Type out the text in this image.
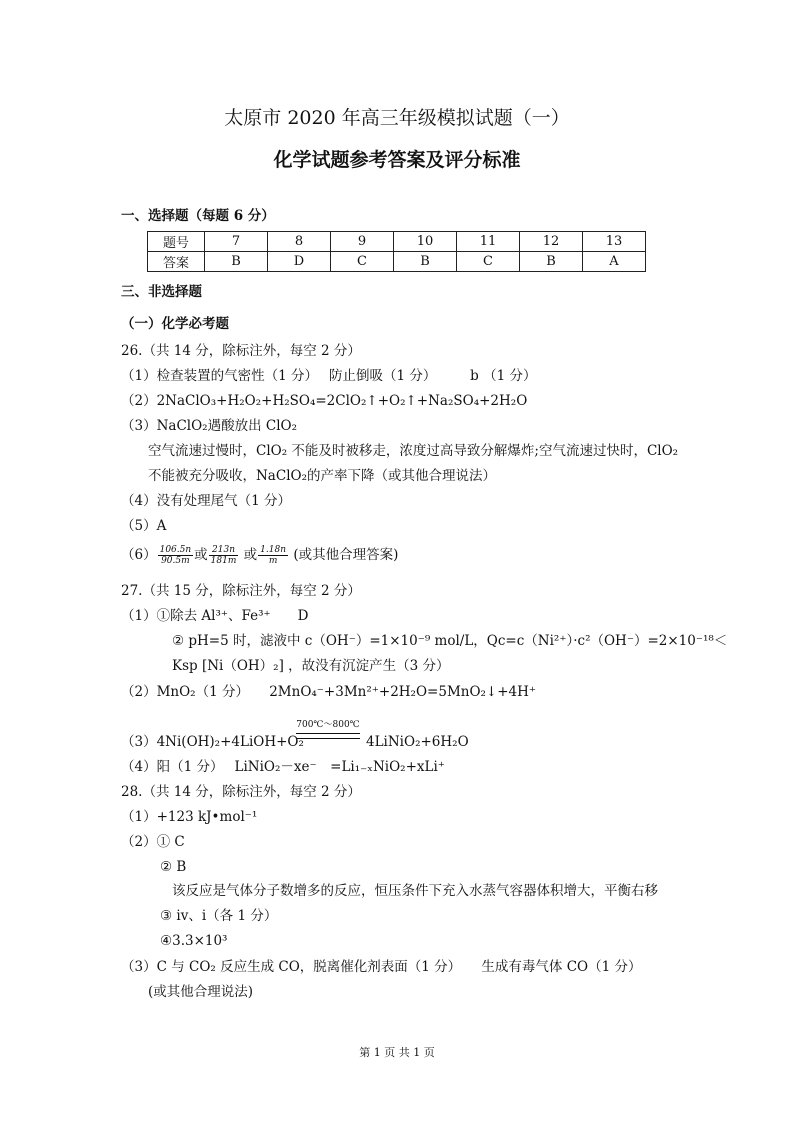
太原市 2020 年高三年级模拟试题（一）
化学试题参考答案及评分标准
一、选择题（每题 6 分）
题号	7	8	9	10	11	12	13
答案	B	D	C	B	C	B	A
三、非选择题
（一）化学必考题
26.（共 14 分，除标注外，每空 2 分）
（1）检查装置的气密性（1 分）　 防止倒吸（1 分）　　　b （1 分）
（2）2NaClO₃+H₂O₂+H₂SO₄=2ClO₂↑+O₂↑+Na₂SO₄+2H₂O
（3）NaClO₂遇酸放出 ClO₂
空气流速过慢时，ClO₂ 不能及时被移走，浓度过高导致分解爆炸;空气流速过快时，ClO₂
不能被充分吸收，NaClO₂的产率下降（或其他合理说法）
（4）没有处理尾气（1 分）
（5）A
$(6) \frac{106.5n}{90.5m}$ 或 $\frac{213n}{181m}$ 或 $\frac{1.18n}{m}$ (或其他合理答案)
27.（共 15 分，除标注外，每空 2 分）
（1）①除去 Al³⁺、Fe³⁺　　D
② pH=5 时，滤液中 c（OH⁻）=1×10⁻⁹ mol/L，Qc=c（Ni²⁺）·c²（OH⁻）=2×10⁻¹⁸＜
Ksp [Ni（OH）₂] ，故没有沉淀产生（3 分）
（2）MnO₂（1 分）　　2MnO₄⁻+3Mn²⁺+2H₂O=5MnO₂↓+4H⁺
700℃～800℃
（3）4Ni(OH)₂+4LiOH+O₂	4LiNiO₂+6H₂O
（4）阳（1 分）　 LiNiO₂－xe⁻　=Li₁₋ₓNiO₂+xLi⁺
28.（共 14 分，除标注外，每空 2 分）
（1）+123 kJ•mol⁻¹
（2）① C
② B
该反应是气体分子数增多的反应，恒压条件下充入水蒸气容器体积增大，平衡右移
③ iv、i（各 1 分）
④3.3×10³
（3）C 与 CO₂ 反应生成 CO，脱离催化剂表面（1 分）　　生成有毒气体 CO（1 分）
(或其他合理说法)
第 1 页 共 1 页
